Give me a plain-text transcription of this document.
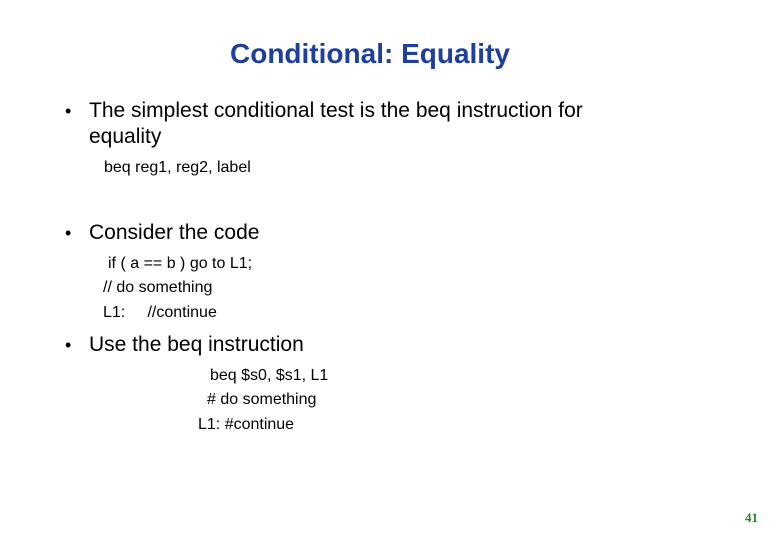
Conditional: Equality
• The simplest conditional test is the beq instruction for
equality
beq reg1, reg2, label
• Consider the code
if ( a == b ) go to L1;
// do something
L1:     //continue
• Use the beq instruction
beq $s0, $s1, L1
# do something
L1: #continue
41
